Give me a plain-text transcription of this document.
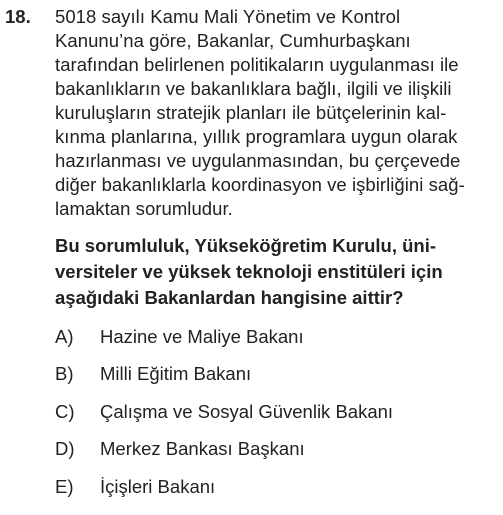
18. 5018 sayılı Kamu Mali Yönetim ve Kontrol
Kanunu’na göre, Bakanlar, Cumhurbaşkanı
tarafından belirlenen politikaların uygulanması ile
bakanlıkların ve bakanlıklara bağlı, ilgili ve ilişkili
kuruluşların stratejik planları ile bütçelerinin kal-
kınma planlarına, yıllık programlara uygun olarak
hazırlanması ve uygulanmasından, bu çerçevede
diğer bakanlıklarla koordinasyon ve işbirliğini sağ-
lamaktan sorumludur.
Bu sorumluluk, Yükseköğretim Kurulu, üni-
versiteler ve yüksek teknoloji enstitüleri için
aşağıdaki Bakanlardan hangisine aittir?
A)	Hazine ve Maliye Bakanı
B)	Milli Eğitim Bakanı
C)	Çalışma ve Sosyal Güvenlik Bakanı
D)	Merkez Bankası Başkanı
E)	İçişleri Bakanı
